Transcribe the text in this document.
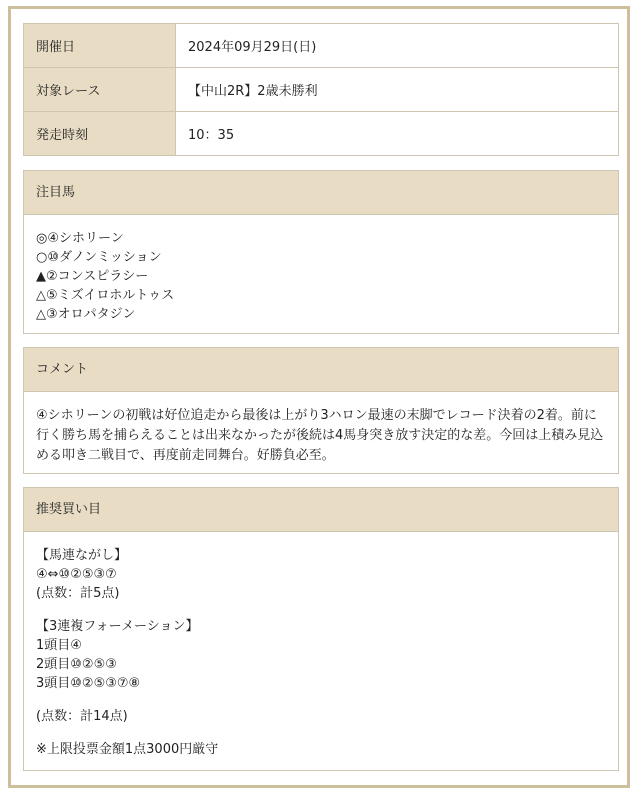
開催日	2024年09月29日(日)
対象レース	【中山2R】2歳未勝利
発走時刻	10：35
注目馬
◎④シホリーン
○⑩ダノンミッション
▲②コンスピラシー
△⑤ミズイロホルトゥス
△③オロパタジン
コメント

④シホリーンの初戦は好位追走から最後は上がり3ハロン最速の末脚でレコード決着の2着。前に行く勝ち馬を捕らえることは出来なかったが後続は4馬身突き放す決定的な差。今回は上積み見込める叩き二戦目で、再度前走同舞台。好勝負必至。

推奨買い目
【馬連ながし】
④⇔⑩②⑤③⑦
(点数：計5点)
【3連複フォーメーション】
1頭目④
2頭目⑩②⑤③
3頭目⑩②⑤③⑦⑧
(点数：計14点)
※上限投票金額1点3000円厳守
